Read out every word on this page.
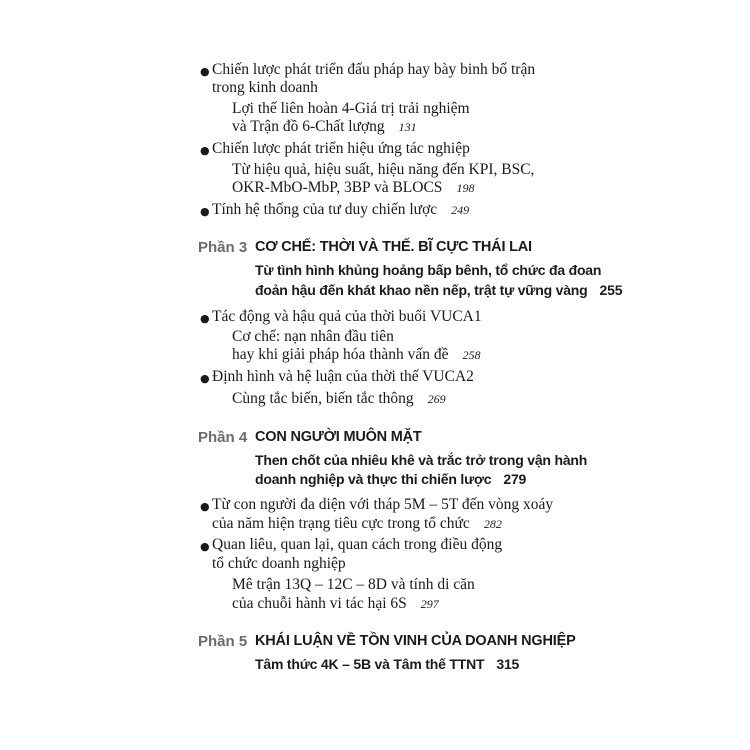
● Chiến lược phát triển đấu pháp hay bày binh bố trận
trong kinh doanh
Lợi thế liên hoàn 4-Giá trị trải nghiệm
và Trận đồ 6-Chất lượng 131
● Chiến lược phát triển hiệu ứng tác nghiệp
Từ hiệu quả, hiệu suất, hiệu năng đến KPI, BSC,
OKR-MbO-MbP, 3BP và BLOCS 198
● Tính hệ thống của tư duy chiến lược 249
Phần 3 CƠ CHẾ: THỜI VÀ THẾ. BĨ CỰC THÁI LAI
Từ tình hình khủng hoảng bấp bênh, tổ chức đa đoan
đoản hậu đến khát khao nền nếp, trật tự vững vàng 255
● Tác động và hậu quả của thời buổi VUCA1
Cơ chế: nạn nhân đầu tiên
hay khi giải pháp hóa thành vấn đề 258
● Định hình và hệ luận của thời thế VUCA2
Cùng tắc biến, biến tắc thông 269
Phần 4 CON NGƯỜI MUÔN MẶT
Then chốt của nhiêu khê và trắc trở trong vận hành
doanh nghiệp và thực thi chiến lược 279
● Từ con người đa diện với tháp 5M – 5T đến vòng xoáy
của năm hiện trạng tiêu cực trong tổ chức 282
● Quan liêu, quan lại, quan cách trong điều động
tổ chức doanh nghiệp
Mê trận 13Q – 12C – 8D và tính di căn
của chuỗi hành vi tác hại 6S 297
Phần 5 KHÁI LUẬN VỀ TỒN VINH CỦA DOANH NGHIỆP
Tâm thức 4K – 5B và Tâm thế TTNT 315
